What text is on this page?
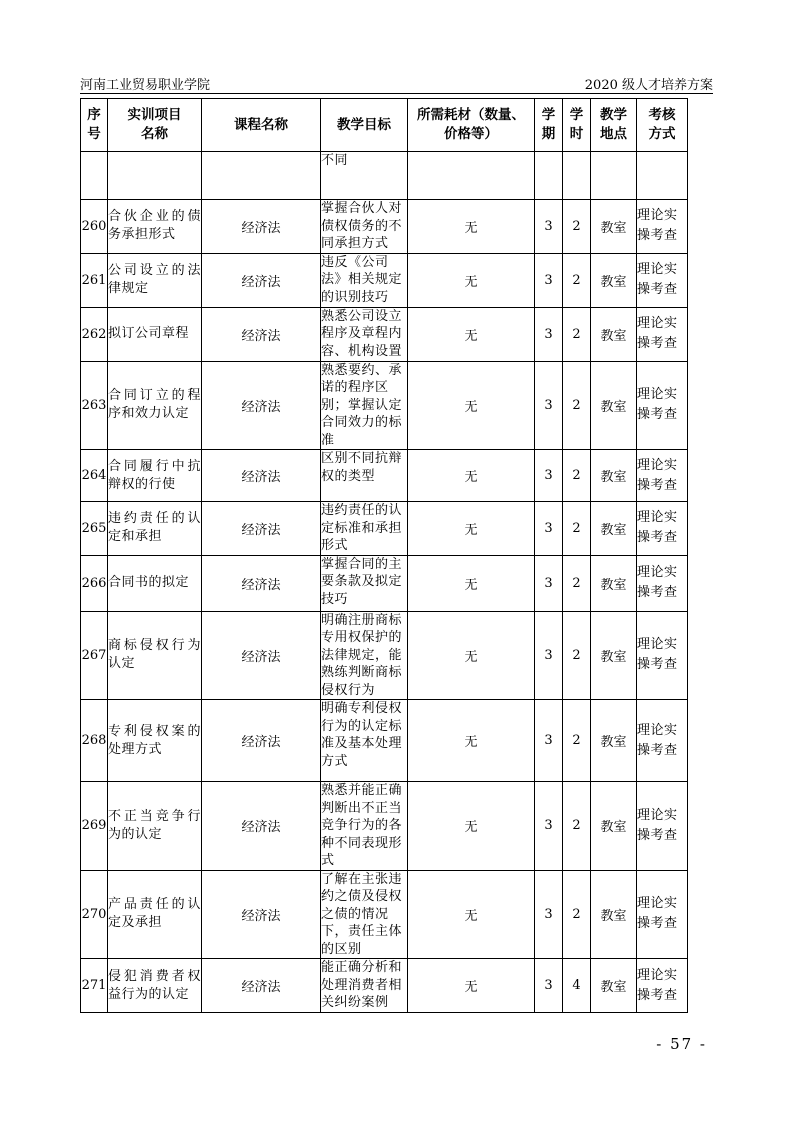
河南工业贸易职业学院	2020 级人才培养方案
序号	实训项目名称	课程名称	教学目标	所需耗材（数量、价格等）	学期	学时	教学地点	考核方式
			不同					
260	合伙企业的债务承担形式	经济法	掌握合伙人对债权债务的不同承担方式	无	3	2	教室	理论实操考查
261	公司设立的法律规定	经济法	违反《公司法》相关规定的识别技巧	无	3	2	教室	理论实操考查
262	拟订公司章程	经济法	熟悉公司设立程序及章程内容、机构设置	无	3	2	教室	理论实操考查
263	合同订立的程序和效力认定	经济法	熟悉要约、承诺的程序区别；掌握认定合同效力的标准	无	3	2	教室	理论实操考查
264	合同履行中抗辩权的行使	经济法	区别不同抗辩权的类型	无	3	2	教室	理论实操考查
265	违约责任的认定和承担	经济法	违约责任的认定标准和承担形式	无	3	2	教室	理论实操考查
266	合同书的拟定	经济法	掌握合同的主要条款及拟定技巧	无	3	2	教室	理论实操考查
267	商标侵权行为认定	经济法	明确注册商标专用权保护的法律规定，能熟练判断商标侵权行为	无	3	2	教室	理论实操考查
268	专利侵权案的处理方式	经济法	明确专利侵权行为的认定标准及基本处理方式	无	3	2	教室	理论实操考查
269	不正当竞争行为的认定	经济法	熟悉并能正确判断出不正当竞争行为的各种不同表现形式	无	3	2	教室	理论实操考查
270	产品责任的认定及承担	经济法	了解在主张违约之债及侵权之债的情况下，责任主体的区别	无	3	2	教室	理论实操考查
271	侵犯消费者权益行为的认定	经济法	能正确分析和处理消费者相关纠纷案例	无	3	4	教室	理论实操考查
- 57 -
